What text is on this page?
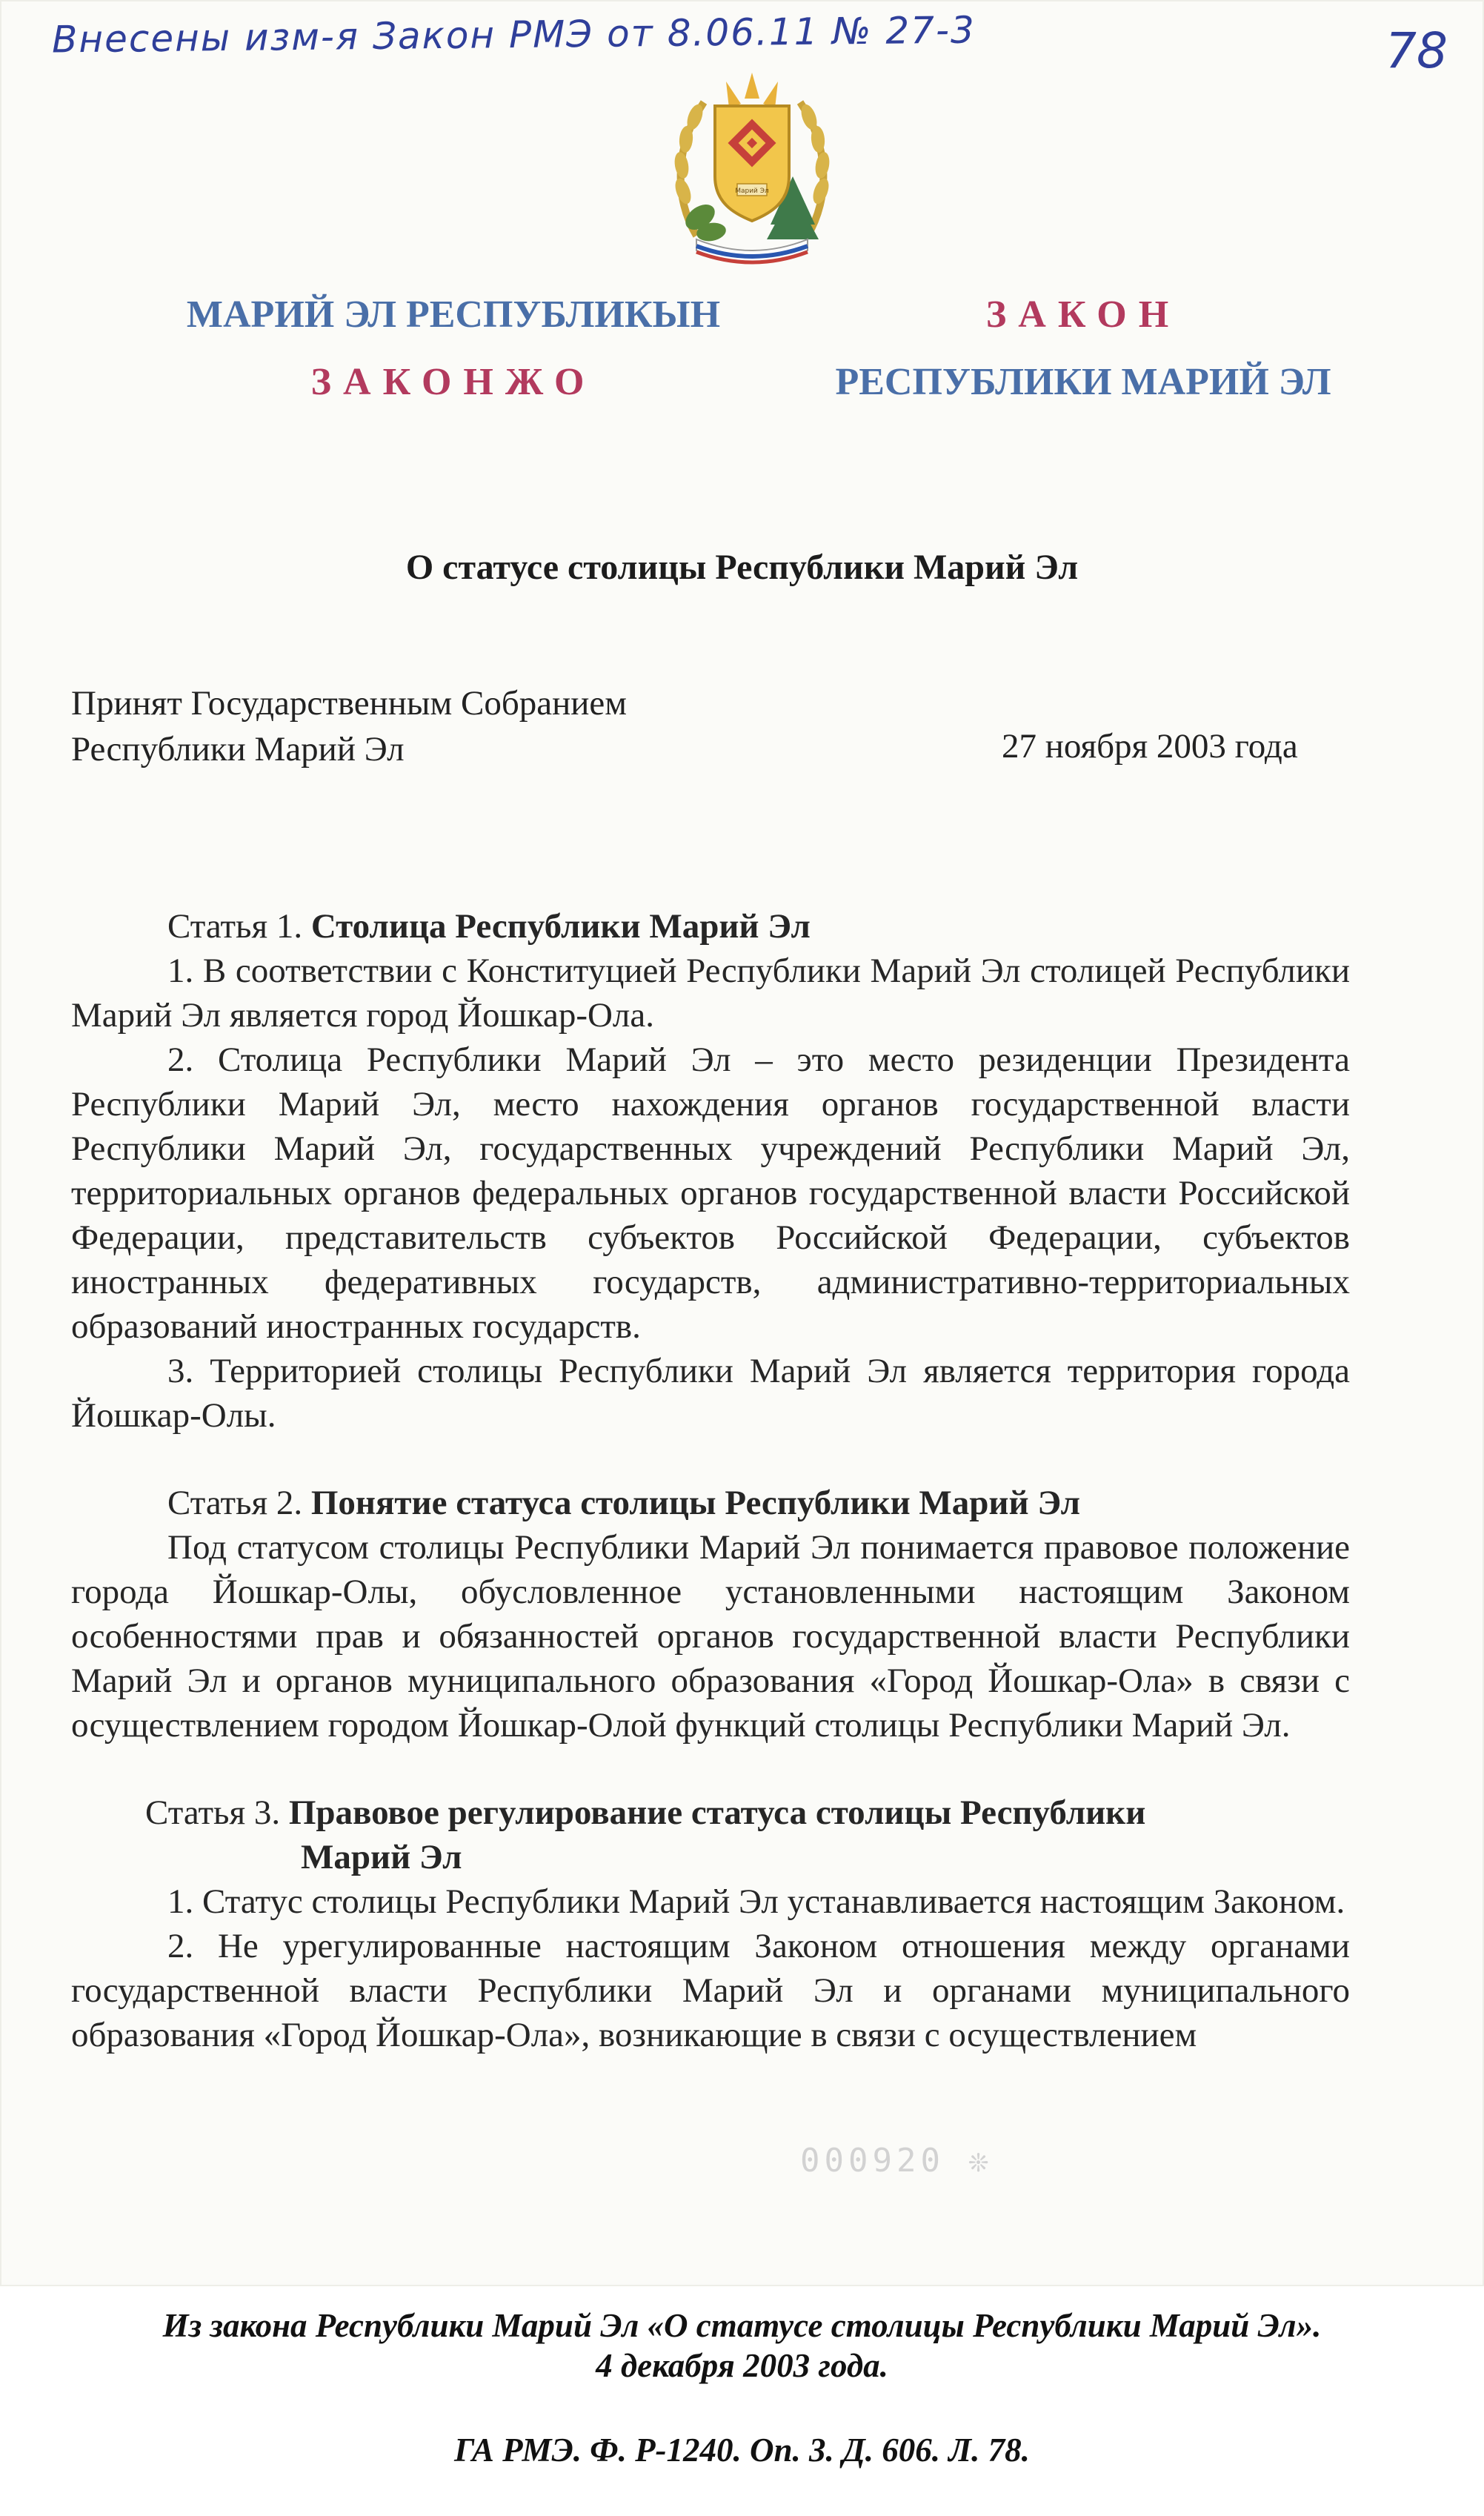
Внесены изм-я Закон РМЭ от 8.06.11 № 27-3	78
Марий Эл
МАРИЙ ЭЛ РЕСПУБЛИКЫН
ЗАКОНЖО
ЗАКОН
РЕСПУБЛИКИ МАРИЙ ЭЛ
О статусе столицы Республики Марий Эл
Принят Государственным Собранием
Республики Марий Эл	27 ноября 2003 года

Статья 1. Столица Республики Марий Эл

1. В соответствии с Конституцией Республики Марий Эл столицей Республики Марий Эл является город Йошкар-Ола.

2. Столица Республики Марий Эл – это место резиденции Президента Республики Марий Эл, место нахождения органов государственной власти Республики Марий Эл, государственных учреждений Республики Марий Эл, территориальных органов федеральных органов государственной власти Российской Федерации, представительств субъектов Российской Федерации, субъектов иностранных федеративных государств, административно-территориальных образований иностранных государств.

3. Территорией столицы Республики Марий Эл является территория города Йошкар-Олы.

Статья 2. Понятие статуса столицы Республики Марий Эл

Под статусом столицы Республики Марий Эл понимается правовое положение города Йошкар-Олы, обусловленное установленными настоящим Законом особенностями прав и обязанностей органов государственной власти Республики Марий Эл и органов муниципального образования «Город Йошкар-Ола» в связи с осуществлением городом Йошкар-Олой функций столицы Республики Марий Эл.

Статья 3. Правовое регулирование статуса столицы Республики
Марий Эл

1. Статус столицы Республики Марий Эл устанавливается настоящим Законом.

2. Не урегулированные настоящим Законом отношения между органами государственной власти Республики Марий Эл и органами муниципального образования «Город Йошкар-Ола», возникающие в связи с осуществлением

000920 ❊
Из закона Республики Марий Эл «О статусе столицы Республики Марий Эл».
4 декабря 2003 года.
ГА РМЭ. Ф. Р-1240. Оп. 3. Д. 606. Л. 78.
